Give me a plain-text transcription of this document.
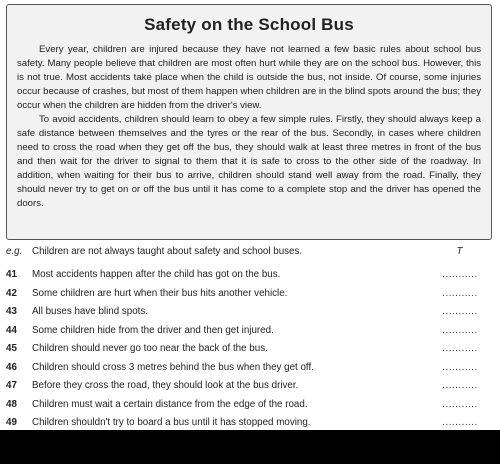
Safety on the School Bus

Every year, children are injured because they have not learned a few basic rules about school bus safety. Many people believe that children are most often hurt while they are on the school bus. However, this is not true. Most accidents take place when the child is outside the bus, not inside. Of course, some injuries occur because of crashes, but most of them happen when children are in the blind spots around the bus; they occur when the children are hidden from the driver's view.

To avoid accidents, children should learn to obey a few simple rules. Firstly, they should always keep a safe distance between themselves and the tyres or the rear of the bus. Secondly, in cases where children need to cross the road when they get off the bus, they should walk at least three metres in front of the bus and then wait for the driver to signal to them that it is safe to cross to the other side of the roadway. In addition, when waiting for their bus to arrive, children should stand well away from the road. Finally, they should never try to get on or off the bus until it has come to a complete stop and the driver has opened the doors.

e.g. Children are not always taught about safety and school buses.	T
41	Most accidents happen after the child has got on the bus.	...........
42	Some children are hurt when their bus hits another vehicle.	...........
43	All buses have blind spots.	...........
44	Some children hide from the driver and then get injured.	...........
45	Children should never go too near the back of the bus.	...........
46	Children should cross 3 metres behind the bus when they get off.	...........
47	Before they cross the road, they should look at the bus driver.	...........
48	Children must wait a certain distance from the edge of the road.	...........
49	Children shouldn't try to board a bus until it has stopped moving.	...........
